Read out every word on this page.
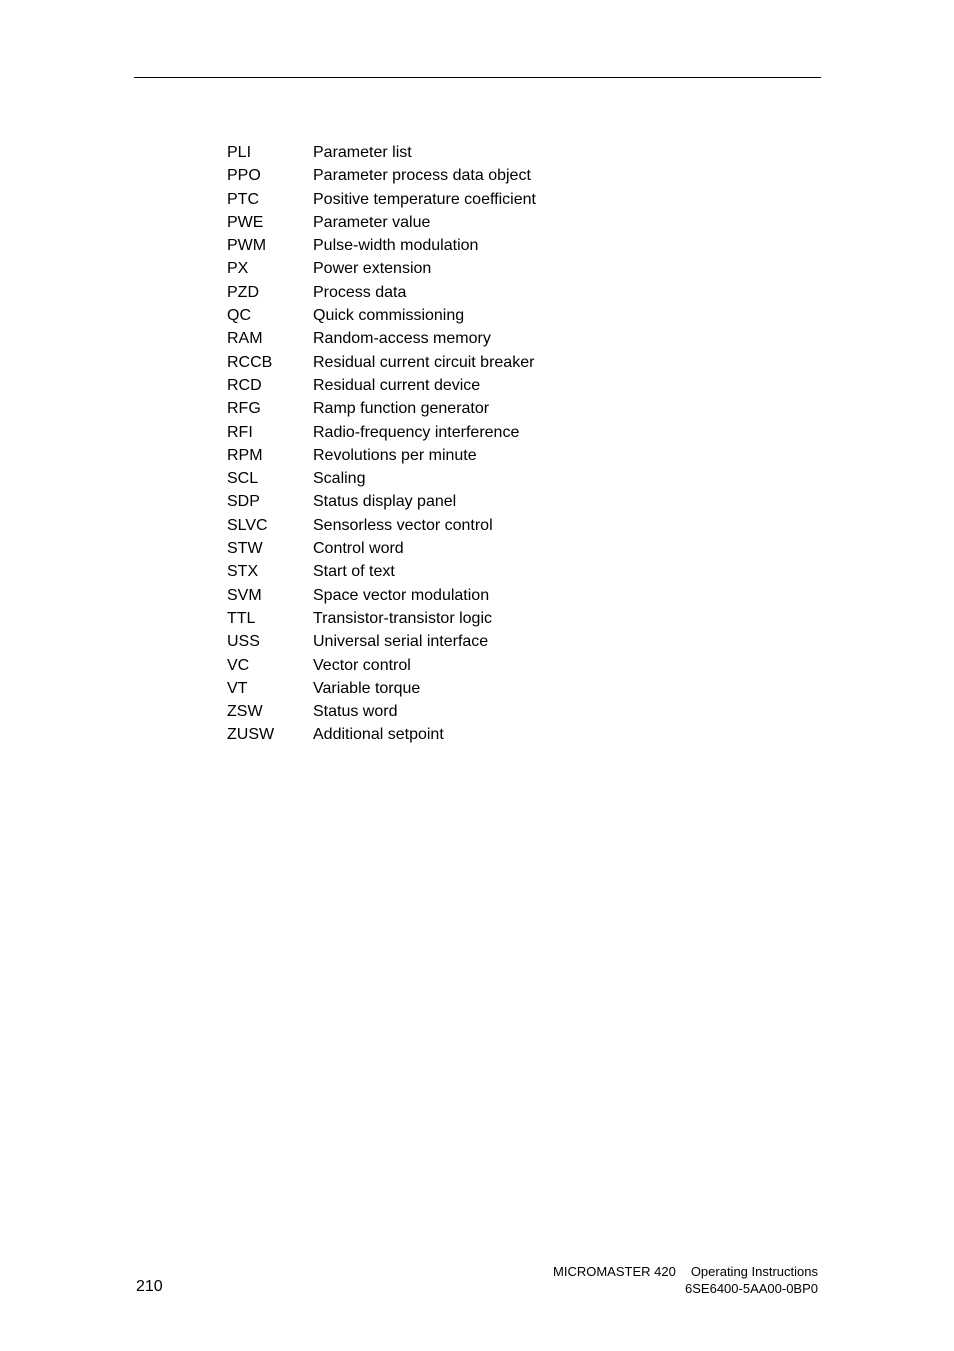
PLI	Parameter list
PPO	Parameter process data object
PTC	Positive temperature coefficient
PWE	Parameter value
PWM	Pulse-width modulation
PX	Power extension
PZD	Process data
QC	Quick commissioning
RAM	Random-access memory
RCCB	Residual current circuit breaker
RCD	Residual current device
RFG	Ramp function generator
RFI	Radio-frequency interference
RPM	Revolutions per minute
SCL	Scaling
SDP	Status display panel
SLVC	Sensorless vector control
STW	Control word
STX	Start of text
SVM	Space vector modulation
TTL	Transistor-transistor logic
USS	Universal serial interface
VC	Vector control
VT	Variable torque
ZSW	Status word
ZUSW	Additional setpoint
210
MICROMASTER 420 Operating Instructions
6SE6400-5AA00-0BP0
